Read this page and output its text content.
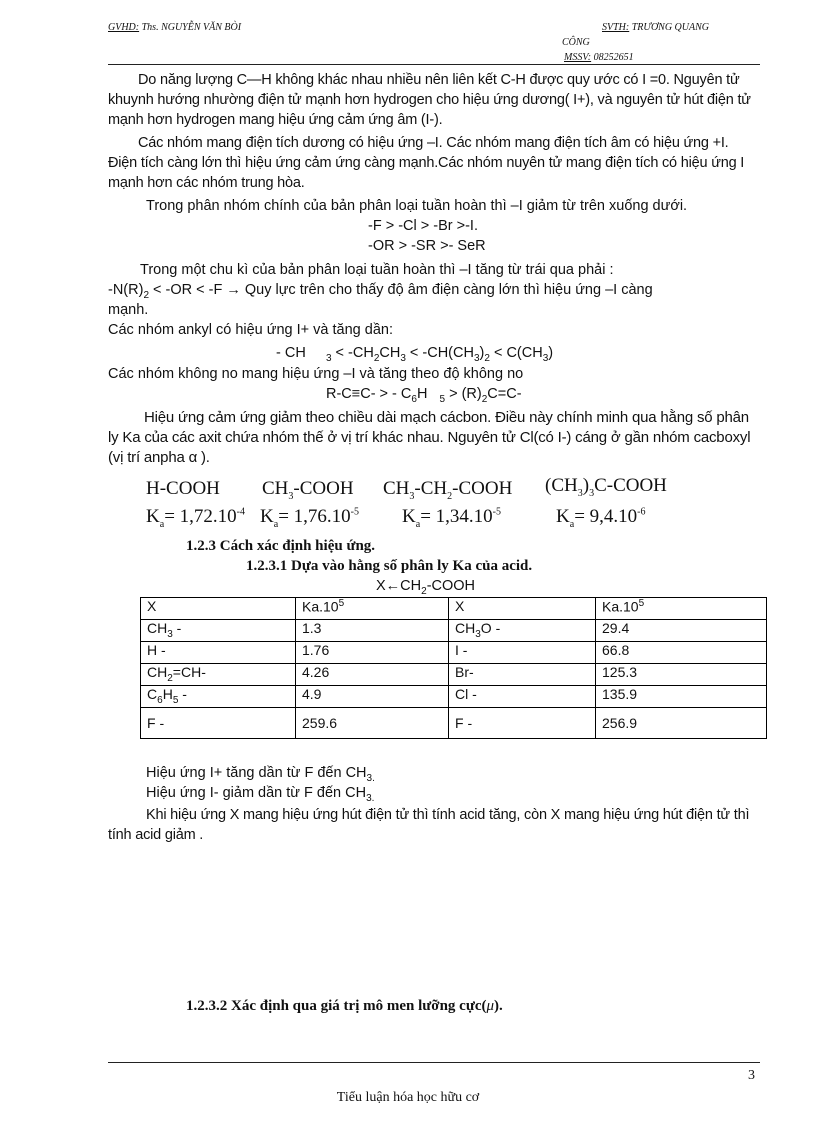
GVHD: Ths. NGUYỄN VĂN BÒI	SVTH: TRƯƠNG QUANG
CÔNG
MSSV: 08252651
Do năng lượng C—H không khác nhau nhiều nên liên kết C-H được quy ước có I =0. Nguyên tử khuynh hướng nhường điện tử mạnh hơn hydrogen cho hiệu ứng dương( I+), và nguyên tử hút điện tử mạnh hơn hydrogen mang hiệu ứng cảm ứng âm (I-).
Các nhóm mang điện tích dương có hiệu ứng –I. Các nhóm mang điện tích âm có hiệu ứng +I. Điện tích càng lớn thì hiệu ứng cảm ứng càng mạnh.Các nhóm nuyên tử mang điện tích có hiệu ứng I mạnh hơn các nhóm trung hòa.
Trong phân nhóm chính của bản phân loại tuần hoàn thì –I giảm từ trên xuống dưới.
-F > -Cl > -Br >-I.
-OR > -SR >- SeR
Trong một chu kì của bản phân loại tuần hoàn thì –I tăng từ trái qua phải :
$-N(R)_2 < -OR < -F$ → Quy lực trên cho thấy độ âm điện càng lớn thì hiệu ứng –I càng
mạnh.
Các nhóm ankyl có hiệu ứng I+ và tăng dần:
- CH     $_3 < -CH_2CH_3 < -CH(CH_3)_2 < C(CH_3)$
Các nhóm không no mang hiệu ứng –I và tăng theo độ không no
R-C≡C- > - $C_6H$   $_5 > (R)_2C=C-$
Hiệu ứng cảm ứng giảm theo chiều dài mạch cácbon. Điều này chính minh qua hằng số phân ly Ka của các axit chứa nhóm thế ở vị trí khác nhau. Nguyên tử Cl(có I-) cáng ở gần nhóm cacboxyl (vị trí anpha α ).
H-COOH $CH_3$-COOH $CH_3-CH_2$-COOH $(CH_3)_3C$-COOH
$K_a= 1,72.10^{-4}$ $K_a= 1,76.10^{-5}$ $K_a= 1,34.10^{-5}$	$K_a= 9,4.10^{-6}$
1.2.3 Cách xác định hiệu ứng.
1.2.3.1 Dựa vào hằng số phân ly Ka của acid.
$X\leftarrow CH_2$-COOH
X	$Ka.10^5$	X	$Ka.10^5$
$CH_3$ -	1.3	$CH_3O$ -	29.4
H -	1.76	I -	66.8
$CH_2=CH-$	4.26	Br-	125.3
$C_6H_5$ -	4.9	Cl -	135.9
F -	259.6	F -	256.9
Hiệu ứng I+ tăng dần từ F đến $CH_{3.}$
Hiệu ứng I- giảm dần từ F đến $CH_{3.}$
Khi hiệu ứng X mang hiệu ứng hút điện tử thì tính acid tăng, còn X mang hiệu ứng hút điện tử thì tính acid giảm .
1.2.3.2 Xác định qua giá trị mô men lưỡng cực(μ).
3
Tiểu luận hóa học hữu cơ
